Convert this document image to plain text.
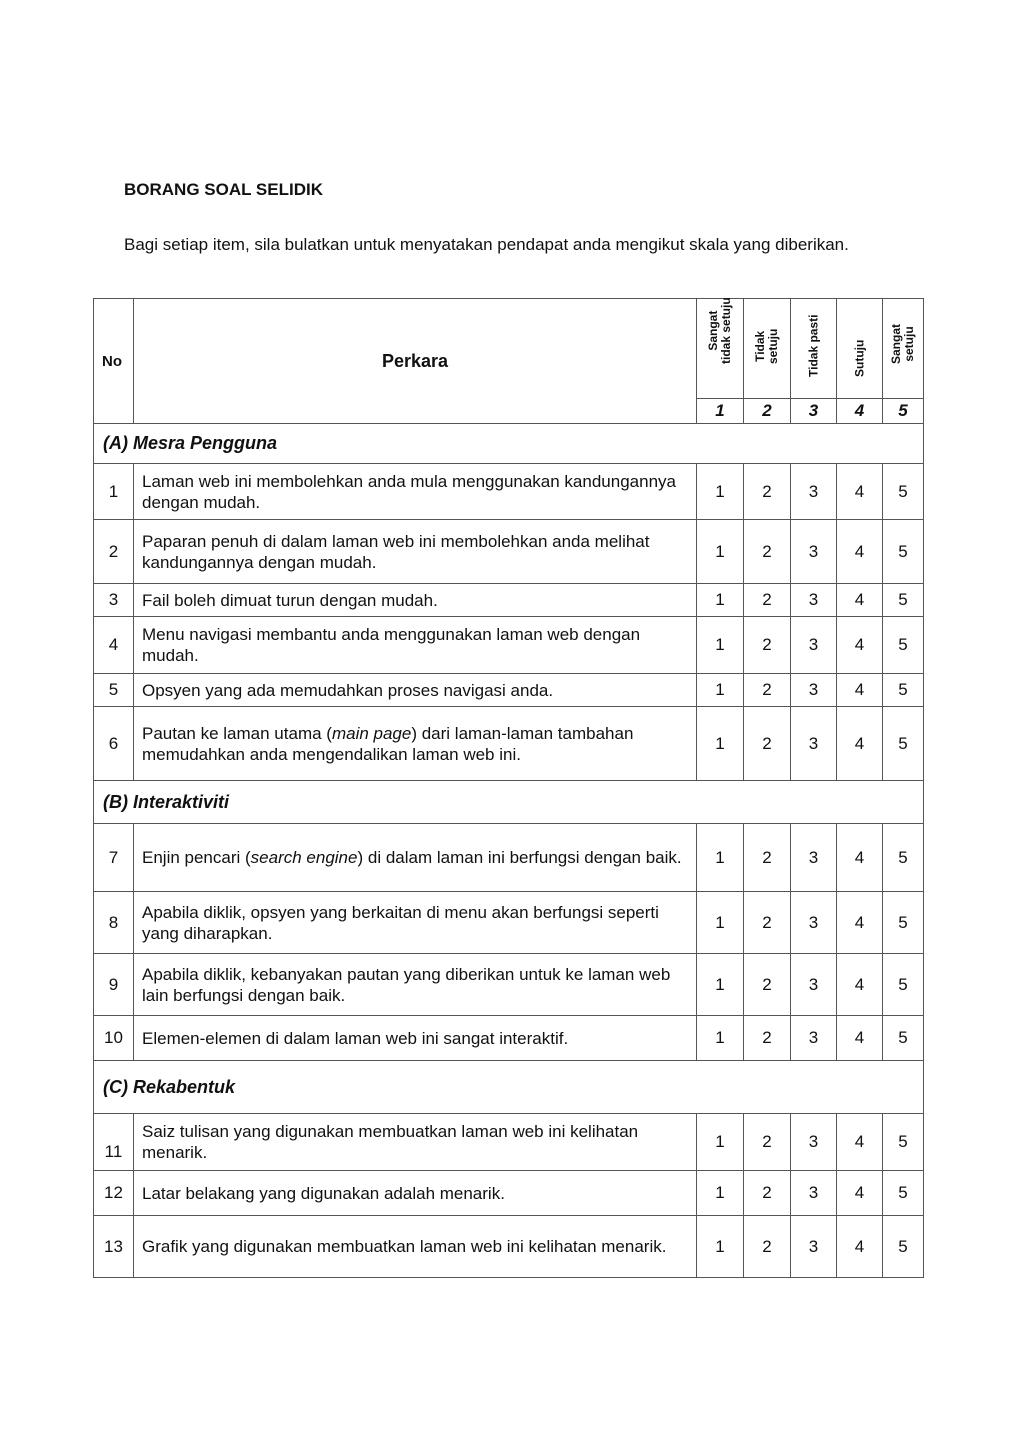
BORANG SOAL SELIDIK

Bagi setiap item, sila bulatkan untuk menyatakan pendapat anda mengikut skala yang diberikan.

No	Perkara	Sangat tidak setuju	Tidak setuju	Tidak pasti	Sutuju	Sangat setuju

		1	2	3	4	5
(A) Mesra Pengguna						
1	Laman web ini membolehkan anda mula menggunakan kandungannya dengan mudah.	1	2	3	4	5
2	Paparan penuh di dalam laman web ini membolehkan anda melihat kandungannya dengan mudah.	1	2	3	4	5
3	Fail boleh dimuat turun dengan mudah.	1	2	3	4	5
4	Menu navigasi membantu anda menggunakan laman web dengan mudah.	1	2	3	4	5
5	Opsyen yang ada memudahkan proses navigasi anda.	1	2	3	4	5
6	Pautan ke laman utama (main page) dari laman-laman tambahan memudahkan anda mengendalikan laman web ini.	1	2	3	4	5
(B) Interaktiviti						
7	Enjin pencari (search engine) di dalam laman ini berfungsi dengan baik.	1	2	3	4	5
8	Apabila diklik, opsyen yang berkaitan di menu akan berfungsi seperti yang diharapkan.	1	2	3	4	5
9	Apabila diklik, kebanyakan pautan yang diberikan untuk ke laman web lain berfungsi dengan baik.	1	2	3	4	5
10	Elemen-elemen di dalam laman web ini sangat interaktif.	1	2	3	4	5
(C) Rekabentuk						
11	Saiz tulisan yang digunakan membuatkan laman web ini kelihatan menarik.	1	2	3	4	5
12	Latar belakang yang digunakan adalah menarik.	1	2	3	4	5
13	Grafik yang digunakan membuatkan laman web ini kelihatan menarik.	1	2	3	4	5
